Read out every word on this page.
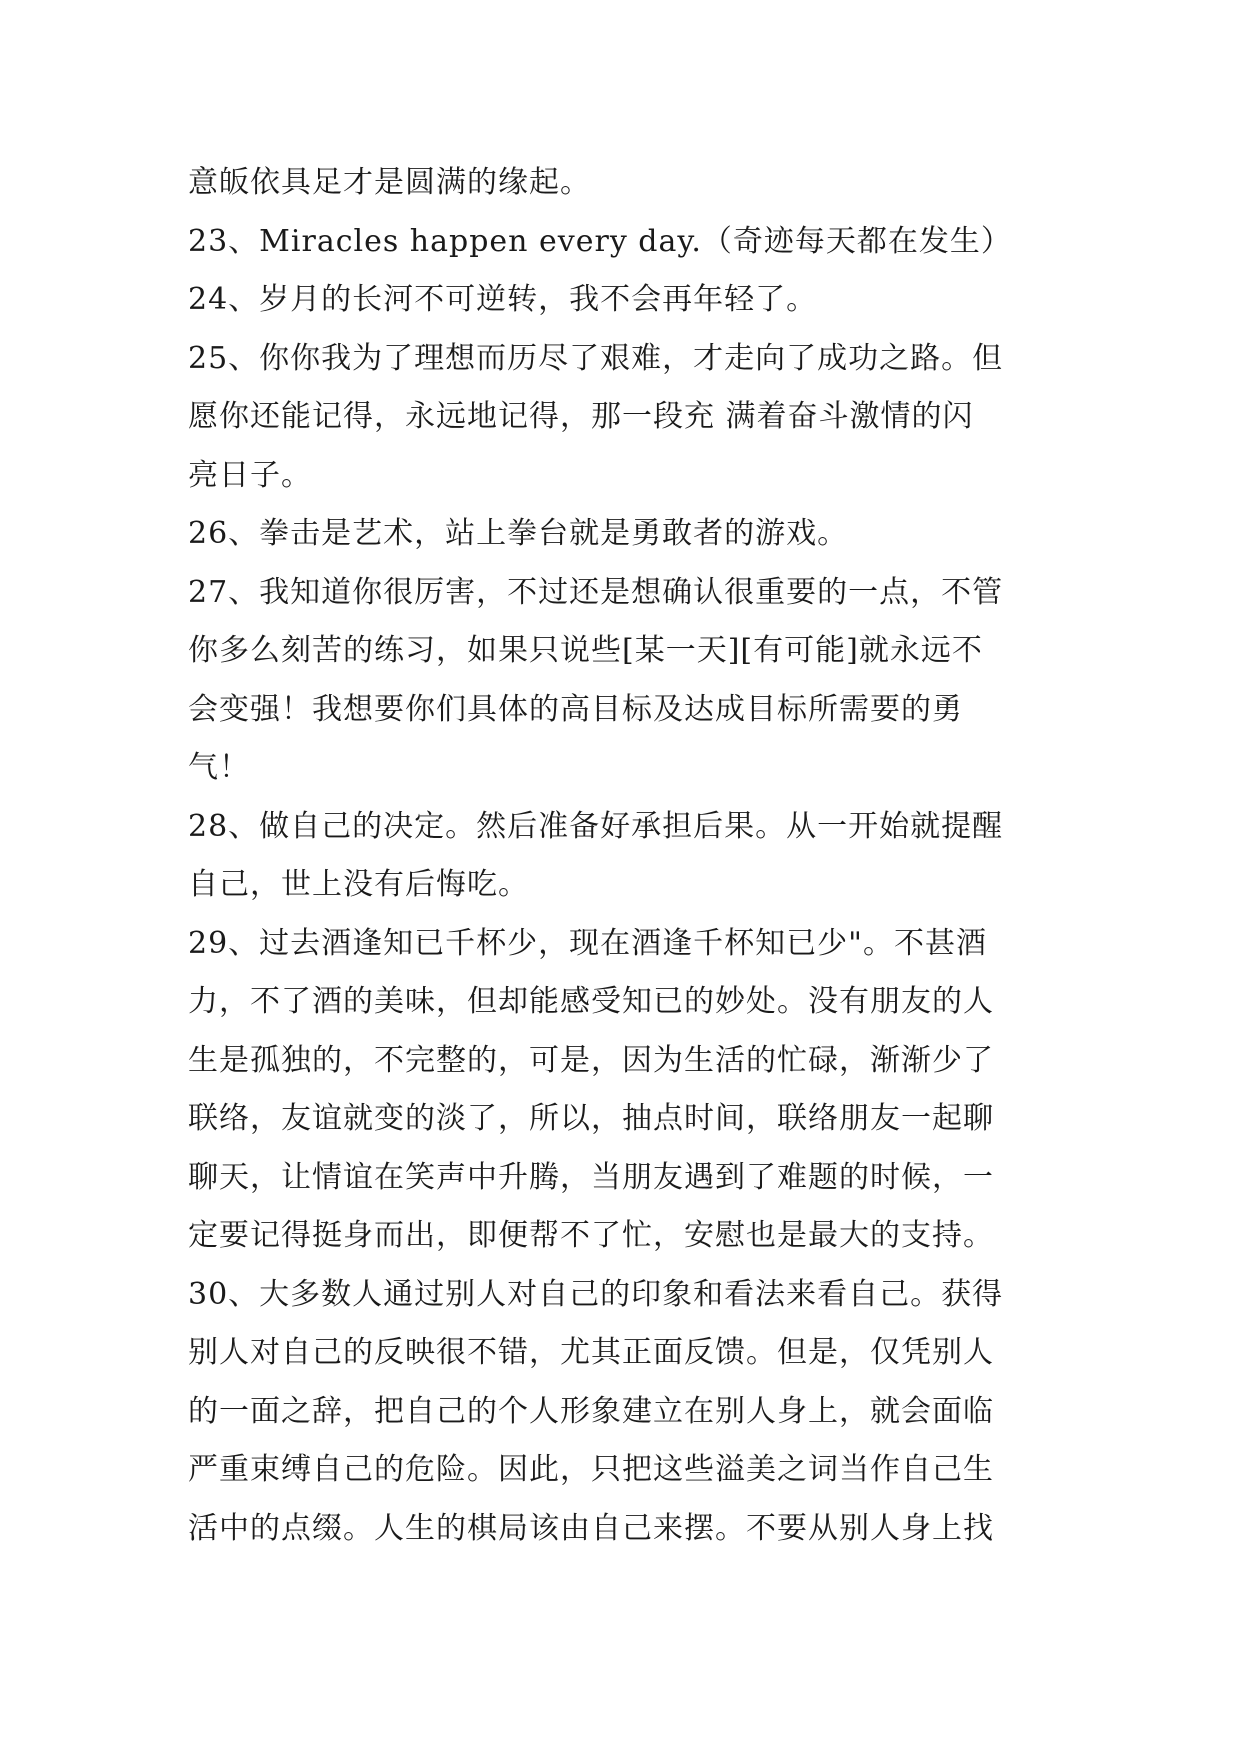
意皈依具足才是圆满的缘起。
23、Miracles happen every day.（奇迹每天都在发生）
24、岁月的长河不可逆转，我不会再年轻了。
25、你你我为了理想而历尽了艰难，才走向了成功之路。但
愿你还能记得，永远地记得，那一段充 满着奋斗激情的闪
亮日子。
26、拳击是艺术，站上拳台就是勇敢者的游戏。
27、我知道你很厉害，不过还是想确认很重要的一点，不管
你多么刻苦的练习，如果只说些[某一天][有可能]就永远不
会变强！我想要你们具体的高目标及达成目标所需要的勇
气！
28、做自己的决定。然后准备好承担后果。从一开始就提醒
自己，世上没有后悔吃。
29、过去酒逢知已千杯少，现在酒逢千杯知已少"。不甚酒
力，不了酒的美味，但却能感受知已的妙处。没有朋友的人
生是孤独的，不完整的，可是，因为生活的忙碌，渐渐少了
联络，友谊就变的淡了，所以，抽点时间，联络朋友一起聊
聊天，让情谊在笑声中升腾，当朋友遇到了难题的时候，一
定要记得挺身而出，即便帮不了忙，安慰也是最大的支持。
30、大多数人通过别人对自己的印象和看法来看自己。获得
别人对自己的反映很不错，尤其正面反馈。但是，仅凭别人
的一面之辞，把自己的个人形象建立在别人身上，就会面临
严重束缚自己的危险。因此，只把这些溢美之词当作自己生
活中的点缀。人生的棋局该由自己来摆。不要从别人身上找
